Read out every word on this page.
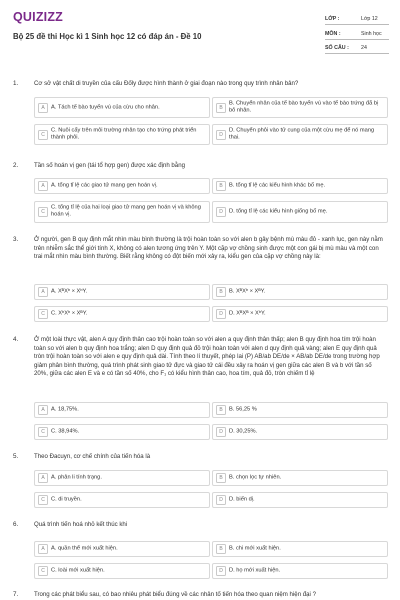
QUIZIZZ
Bộ 25 đề thi Học kì 1 Sinh học 12 có đáp án - Đề 10
LỚP :	Lớp 12
MÔN :	Sinh học
SỐ CÂU : 24
1.	Cơ sở vật chất di truyền của cấu Đốly được hình thành ở giai đoạn nào trong quy trình nhân bản?
A	A. Tách tế bào tuyến vú của cừu cho nhân.	B
B. Chuyển nhân của tế bào tuyến vú vào tế bào trứng đã bị bỏ nhân.
C
C. Nuôi cấy trên môi trường nhân tạo cho trứng phát triển thành phôi.	D
D. Chuyển phôi vào tử cung của một cừu mẹ để nó mang thai.
2.	Tần số hoán vị gen (tái tổ hợp gen) được xác định bằng
A	A. tổng tỉ lệ các giao tử mang gen hoán vị.	B	B. tổng tỉ lệ các kiểu hình khác bố mẹ.
C
C. tổng tỉ lệ của hai loại giao tử mang gen hoán vị và không hoán vị.	D	D. tổng tỉ lệ các kiểu hình giống bố mẹ.
3.	Ở người, gen B quy định mắt nhìn màu bình thường là trội hoàn toàn so với alen b gây bệnh mù màu đỏ - xanh lục, gen này nằm trên nhiễm sắc thể giới tính X, không có alen tương ứng trên Y. Một cặp vợ chồng sinh được một con gái bị mù màu và một con trai mắt nhìn màu bình thường. Biết rằng không có đột biến mới xảy ra, kiểu gen của cặp vợ chồng này là:
A	A. XᴮXᵇ × XᵇY.	B	B. XᴮXᵇ × XᴮY.
C	C. XᵇXᵇ × XᴮY.	D	D. XᴮXᴮ × XᵇY.
4.	Ở một loài thực vật, alen A quy định thân cao trội hoàn toàn so với alen a quy định thân thấp; alen B quy định hoa tím trội hoàn toàn so với alen b quy định hoa trắng; alen D quy định quả đỏ trội hoàn toàn với alen d quy định quả vàng; alen E quy định quả tròn trội hoàn toàn so với alen e quy định quả dài. Tính theo lí thuyết, phép lai (P) AB/ab DE/de × AB/ab DE/de trong trường hợp giảm phân bình thường, quá trình phát sinh giao tử đực và giao tử cái đều xảy ra hoán vị gen giữa các alen B và b với tần số 20%, giữa các alen E và e có tần số 40%, cho F₁ có kiểu hình thân cao, hoa tím, quả đỏ, tròn chiếm tỉ lệ
A	A. 18,75%.	B	B. 56,25 %
C	C. 38,94%.	D	D. 30,25%.
5.	Theo Đacuyn, cơ chế chính của tiến hóa là
A	A. phân li tính trạng.	B	B. chọn lọc tự nhiên.
C	C. di truyền.	D	D. biến dị.
6.	Quá trình tiến hoá nhỏ kết thúc khi
A	A. quần thể mới xuất hiện.	B	B. chi mới xuất hiện.
C	C. loài mới xuất hiện.	D	D. họ mới xuất hiện.
7.	Trong các phát biểu sau, có bao nhiêu phát biểu đúng về các nhân tố tiến hóa theo quan niệm hiện đại ?
